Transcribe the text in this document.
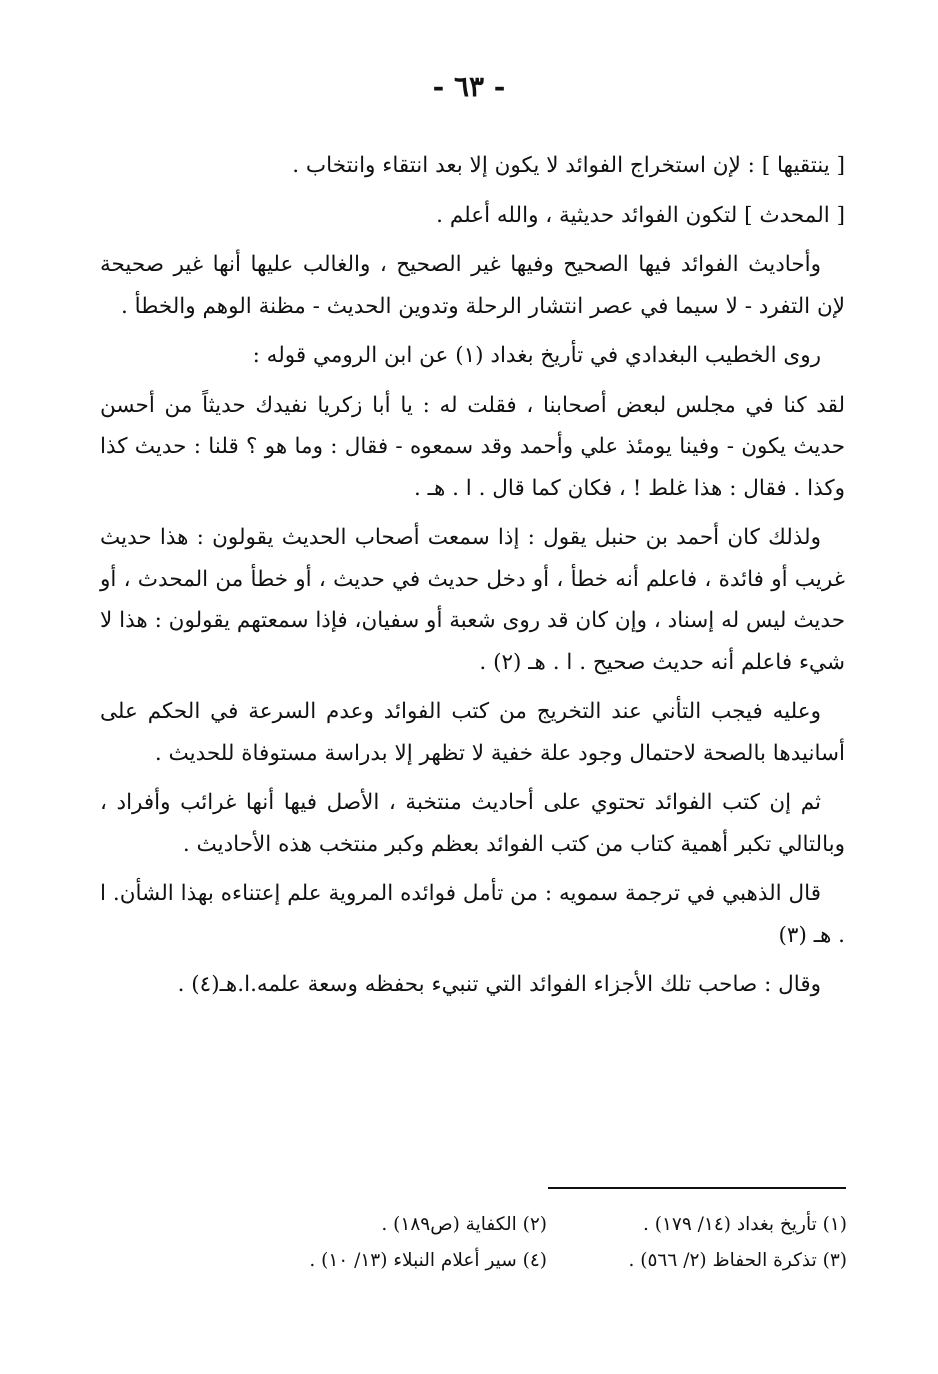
- ٦٣ -

[ ينتقيها ] : لإن استخراج الفوائد لا يكون إلا بعد انتقاء وانتخاب .

[ المحدث ] لتكون الفوائد حديثية ، والله أعلم .

وأحاديث الفوائد فيها الصحيح وفيها غير الصحيح ، والغالب عليها أنها غير صحيحة لإن التفرد - لا سيما في عصر انتشار الرحلة وتدوين الحديث - مظنة الوهم والخطأ .

روى الخطيب البغدادي في تأريخ بغداد (١) عن ابن الرومي قوله :

لقد كنا في مجلس لبعض أصحابنا ، فقلت له : يا أبا زكريا نفيدك حديثاً من أحسن حديث يكون - وفينا يومئذ علي وأحمد وقد سمعوه - فقال : وما هو ؟ قلنا : حديث كذا وكذا . فقال : هذا غلط ! ، فكان كما قال . ا . هـ .

ولذلك كان أحمد بن حنبل يقول : إذا سمعت أصحاب الحديث يقولون : هذا حديث غريب أو فائدة ، فاعلم أنه خطأ ، أو دخل حديث في حديث ، أو خطأ من المحدث ، أو حديث ليس له إسناد ، وإن كان قد روى شعبة أو سفيان، فإذا سمعتهم يقولون : هذا لا شيء فاعلم أنه حديث صحيح . ا . هـ (٢) .

وعليه فيجب التأني عند التخريج من كتب الفوائد وعدم السرعة في الحكم على أسانيدها بالصحة لاحتمال وجود علة خفية لا تظهر إلا بدراسة مستوفاة للحديث .

ثم إن كتب الفوائد تحتوي على أحاديث منتخبة ، الأصل فيها أنها غرائب وأفراد ، وبالتالي تكبر أهمية كتاب من كتب الفوائد بعظم وكبر منتخب هذه الأحاديث .

قال الذهبي في ترجمة سمويه : من تأمل فوائده المروية علم إعتناءه بهذا الشأن. ا . هـ (٣)

وقال : صاحب تلك الأجزاء الفوائد التي تنبيء بحفظه وسعة علمه.ا.هـ(٤) .

(١) تأريخ بغداد (١٤/ ١٧٩) .
(٢) الكفاية (ص١٨٩) .
(٣) تذكرة الحفاظ (٢/ ٥٦٦) .
(٤) سير أعلام النبلاء (١٣/ ١٠) .
